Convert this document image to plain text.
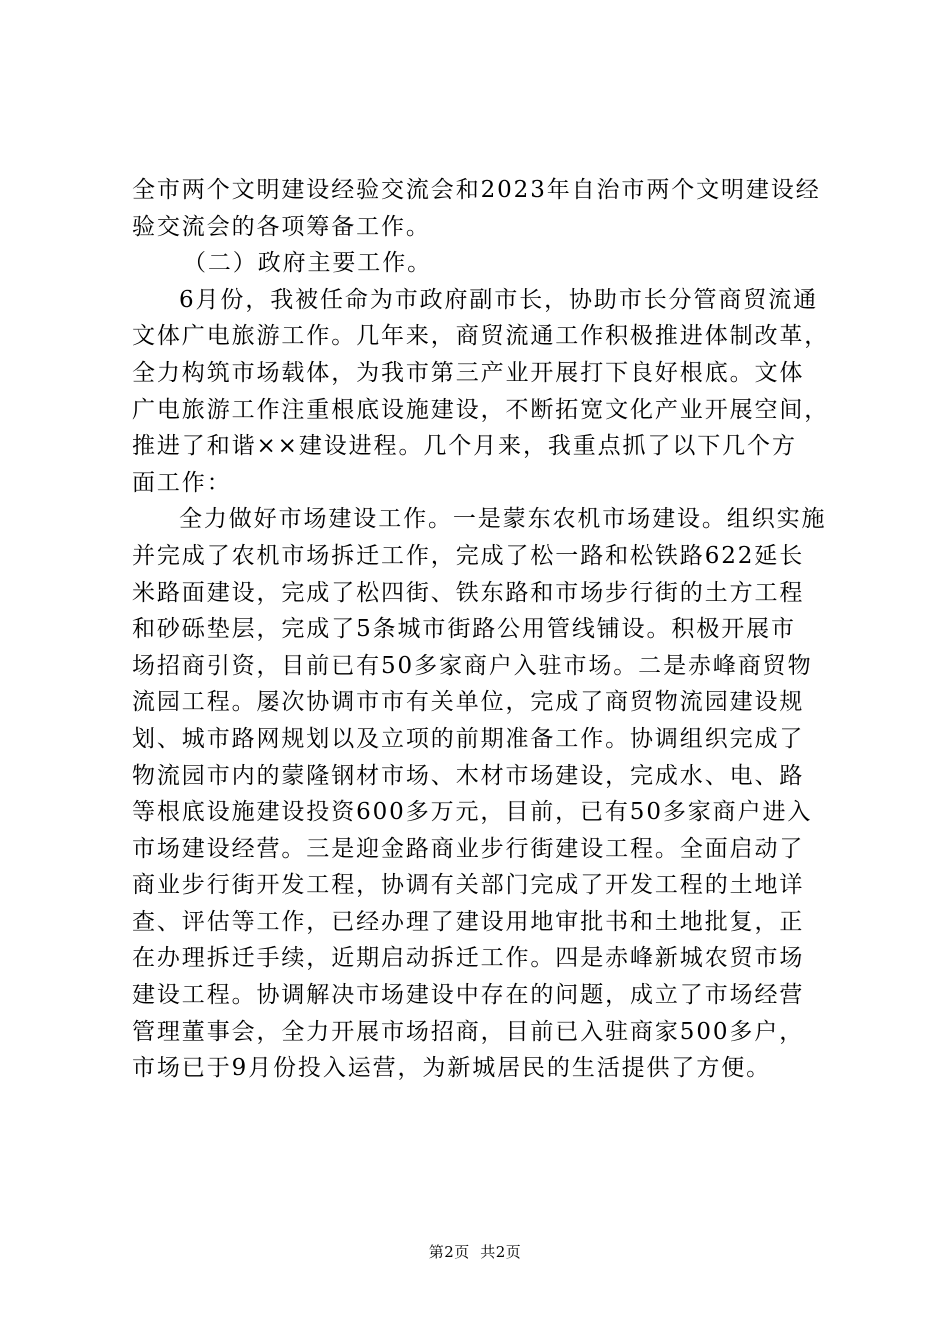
全市两个文明建设经验交流会和2023年自治市两个文明建设经
验交流会的各项筹备工作。
（二）政府主要工作。
6月份，我被任命为市政府副市长，协助市长分管商贸流通
文体广电旅游工作。几年来，商贸流通工作积极推进体制改革，
全力构筑市场载体，为我市第三产业开展打下良好根底。文体
广电旅游工作注重根底设施建设，不断拓宽文化产业开展空间，
推进了和谐××建设进程。几个月来，我重点抓了以下几个方
面工作：
全力做好市场建设工作。一是蒙东农机市场建设。组织实施
并完成了农机市场拆迁工作，完成了松一路和松铁路622延长
米路面建设，完成了松四街、铁东路和市场步行街的土方工程
和砂砾垫层，完成了5条城市街路公用管线铺设。积极开展市
场招商引资，目前已有50多家商户入驻市场。二是赤峰商贸物
流园工程。屡次协调市市有关单位，完成了商贸物流园建设规
划、城市路网规划以及立项的前期准备工作。协调组织完成了
物流园市内的蒙隆钢材市场、木材市场建设，完成水、电、路
等根底设施建设投资600多万元，目前，已有50多家商户进入
市场建设经营。三是迎金路商业步行街建设工程。全面启动了
商业步行街开发工程，协调有关部门完成了开发工程的土地详
查、评估等工作，已经办理了建设用地审批书和土地批复，正
在办理拆迁手续，近期启动拆迁工作。四是赤峰新城农贸市场
建设工程。协调解决市场建设中存在的问题，成立了市场经营
管理董事会，全力开展市场招商，目前已入驻商家500多户，
市场已于9月份投入运营，为新城居民的生活提供了方便。
第2页  共2页
